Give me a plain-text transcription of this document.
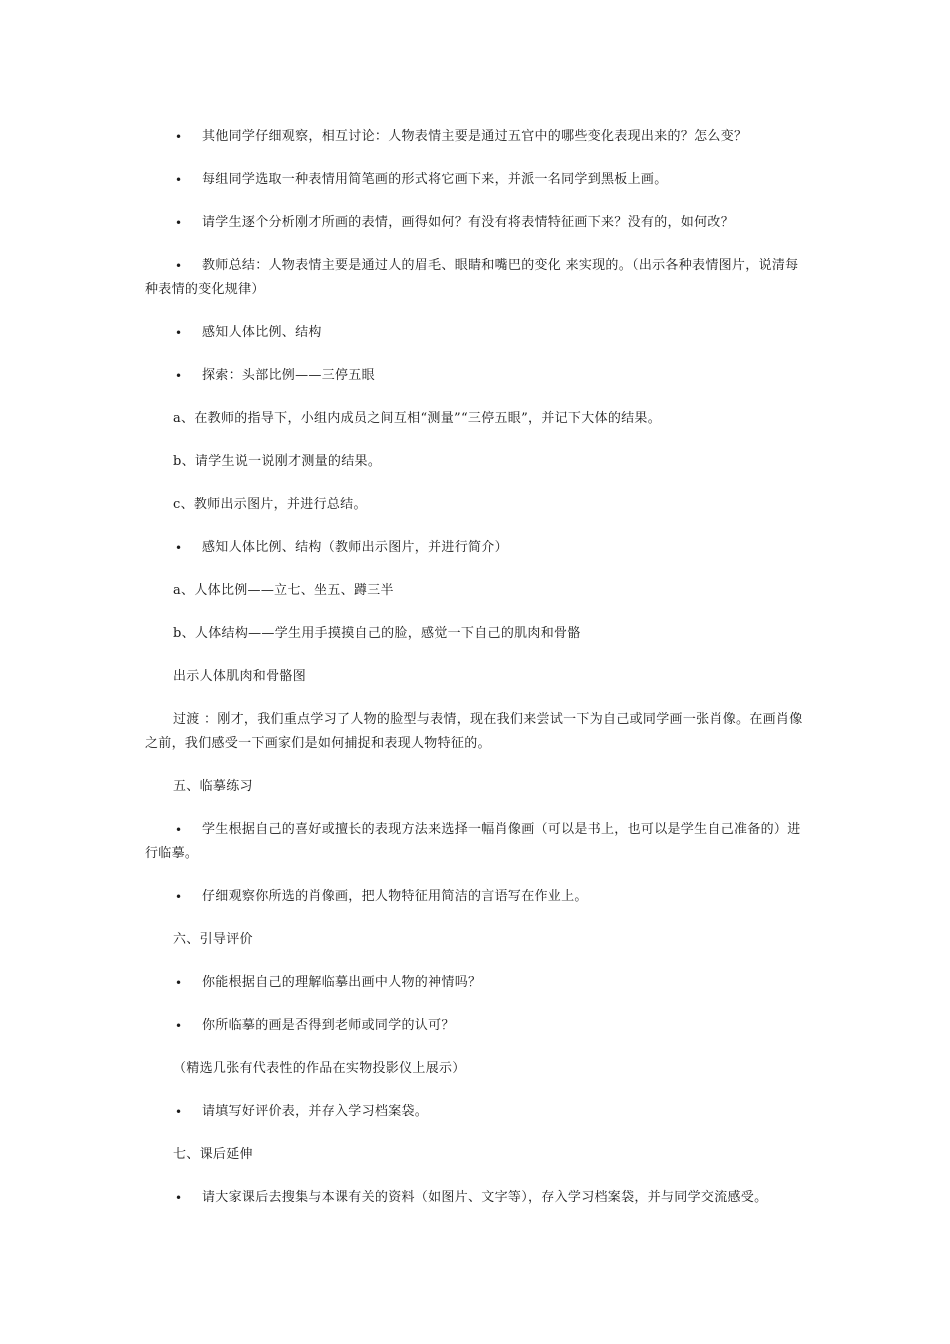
•	其他同学仔细观察，相互讨论：人物表情主要是通过五官中的哪些变化表现出来的？怎么变？
•	每组同学选取一种表情用简笔画的形式将它画下来，并派一名同学到黑板上画。
•	请学生逐个分析刚才所画的表情，画得如何？有没有将表情特征画下来？没有的，如何改？
•	教师总结：人物表情主要是通过人的眉毛、眼睛和嘴巴的变化 来实现的。（出示各种表情图片，说清每种表情的变化规律）
•	感知人体比例、结构
•	探索：头部比例——三停五眼
a、在教师的指导下，小组内成员之间互相“测量”“三停五眼”，并记下大体的结果。
b、请学生说一说刚才测量的结果。
c、教师出示图片，并进行总结。
•	感知人体比例、结构（教师出示图片，并进行简介）
a、人体比例——立七、坐五、蹲三半
b、人体结构——学生用手摸摸自己的脸，感觉一下自己的肌肉和骨骼
出示人体肌肉和骨骼图
过渡 ：刚才，我们重点学习了人物的脸型与表情，现在我们来尝试一下为自己或同学画一张肖像。在画肖像之前，我们感受一下画家们是如何捕捉和表现人物特征的。
五、临摹练习
•	学生根据自己的喜好或擅长的表现方法来选择一幅肖像画（可以是书上，也可以是学生自己准备的）进行临摹。
•	仔细观察你所选的肖像画，把人物特征用简洁的言语写在作业上。
六、引导评价
•	你能根据自己的理解临摹出画中人物的神情吗？
•	你所临摹的画是否得到老师或同学的认可？
（精选几张有代表性的作品在实物投影仪上展示）
•	请填写好评价表，并存入学习档案袋。
七、课后延伸
•	请大家课后去搜集与本课有关的资料（如图片、文字等），存入学习档案袋，并与同学交流感受。
